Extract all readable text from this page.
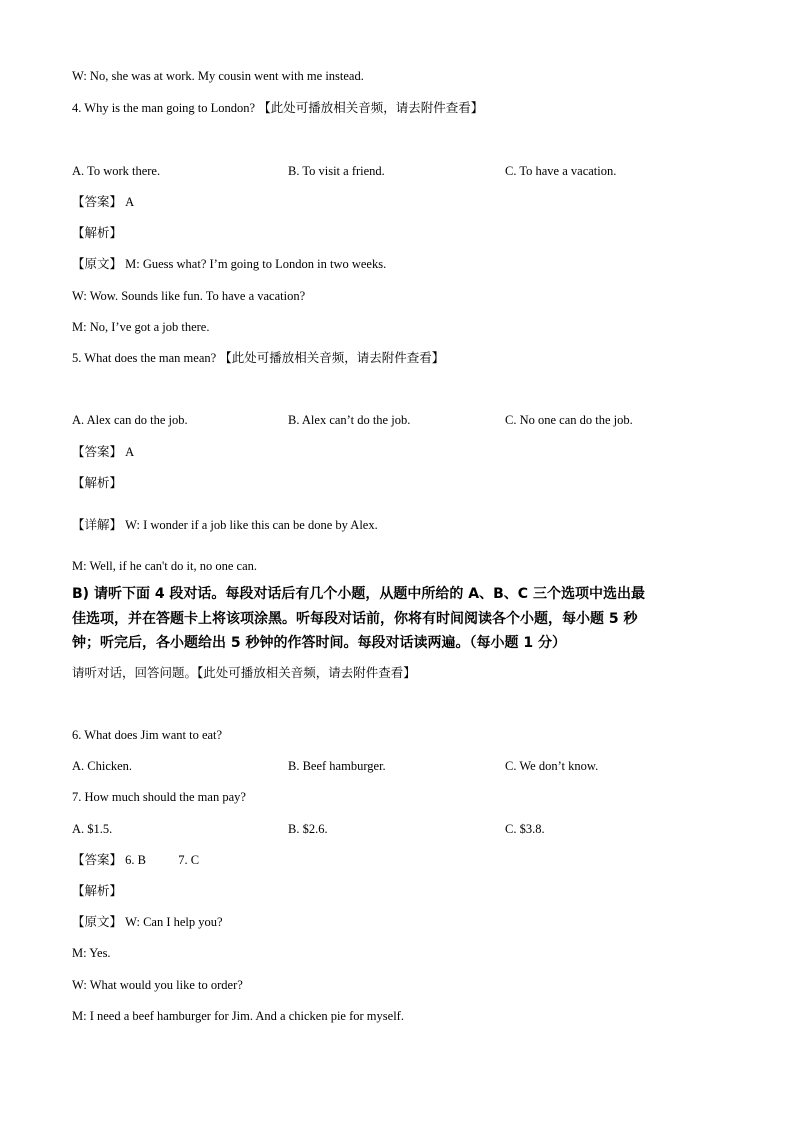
W: No, she was at work. My cousin went with me instead.
4. Why is the man going to London? 【此处可播放相关音频，请去附件查看】
A. To work there.	B. To visit a friend.	C. To have a vacation.
【答案】 A
【解析】
【原文】 M: Guess what? I’m going to London in two weeks.
W: Wow. Sounds like fun. To have a vacation?
M: No, I’ve got a job there.
5. What does the man mean? 【此处可播放相关音频，请去附件查看】
A. Alex can do the job.	B. Alex can’t do the job.	C. No one can do the job.
【答案】 A
【解析】
【详解】 W: I wonder if a job like this can be done by Alex.
M: Well, if he can't do it, no one can.
B) 请听下面 4 段对话。每段对话后有几个小题，从题中所给的 A、B、C 三个选项中选出最
佳选项，并在答题卡上将该项涂黑。听每段对话前，你将有时间阅读各个小题，每小题 5 秒
钟；听完后，各小题给出 5 秒钟的作答时间。每段对话读两遍。（每小题 1 分）
请听对话，回答问题。【此处可播放相关音频，请去附件查看】
6. What does Jim want to eat?
A. Chicken.	B. Beef hamburger.	C. We don’t know.
7. How much should the man pay?
A. $1.5.	B. $2.6.	C. $3.8.
【答案】 6. B	7. C
【解析】
【原文】 W: Can I help you?
M: Yes.
W: What would you like to order?
M: I need a beef hamburger for Jim. And a chicken pie for myself.
